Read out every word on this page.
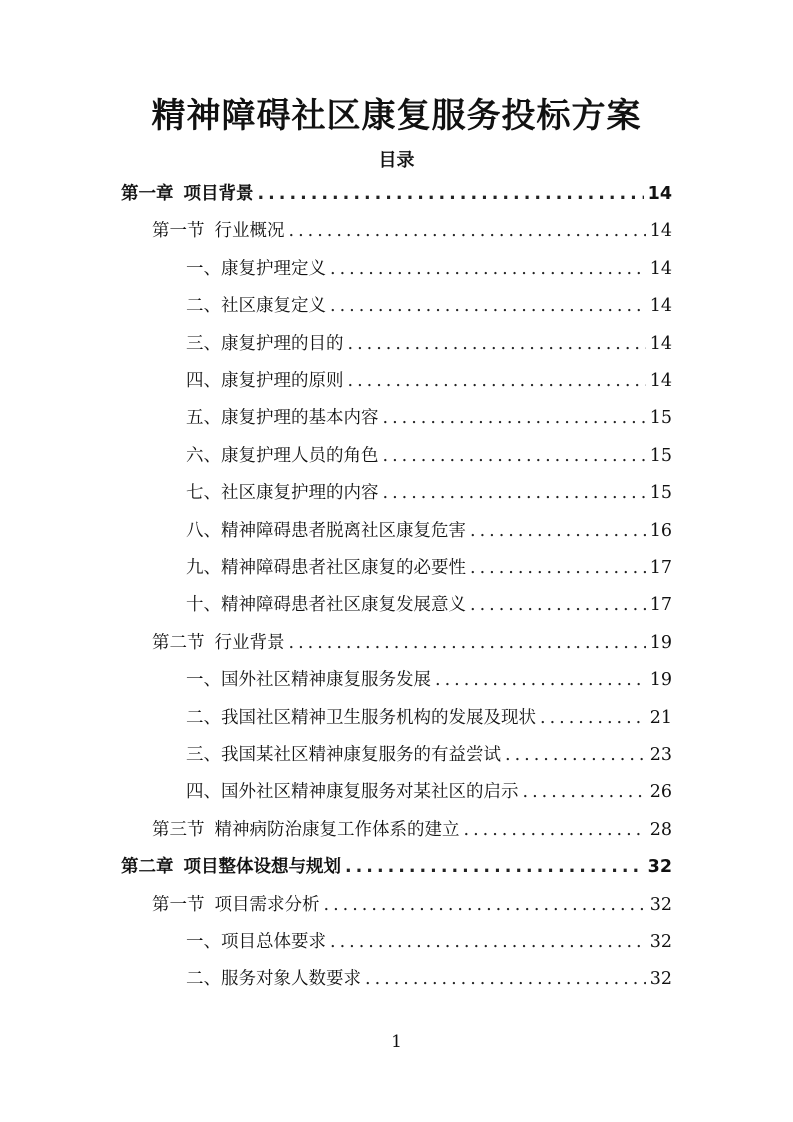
精神障碍社区康复服务投标方案
目录
第一章 项目背景 .....	14
第一节 行业概况 .....	14
一、康复护理定义 .....	14
二、社区康复定义 .....	14
三、康复护理的目的 .....	14
四、康复护理的原则 .....	14
五、康复护理的基本内容 .....	15
六、康复护理人员的角色 .....	15
七、社区康复护理的内容 .....	15
八、精神障碍患者脱离社区康复危害 .....	16
九、精神障碍患者社区康复的必要性 .....	17
十、精神障碍患者社区康复发展意义 .....	17
第二节 行业背景 .....	19
一、国外社区精神康复服务发展 .....	19
二、我国社区精神卫生服务机构的发展及现状 .....	21
三、我国某社区精神康复服务的有益尝试 .....	23
四、国外社区精神康复服务对某社区的启示 .....	26
第三节 精神病防治康复工作体系的建立 .....	28
第二章 项目整体设想与规划 .....	32
第一节 项目需求分析 .....	32
一、项目总体要求 .....	32
二、服务对象人数要求 .....	32
1
